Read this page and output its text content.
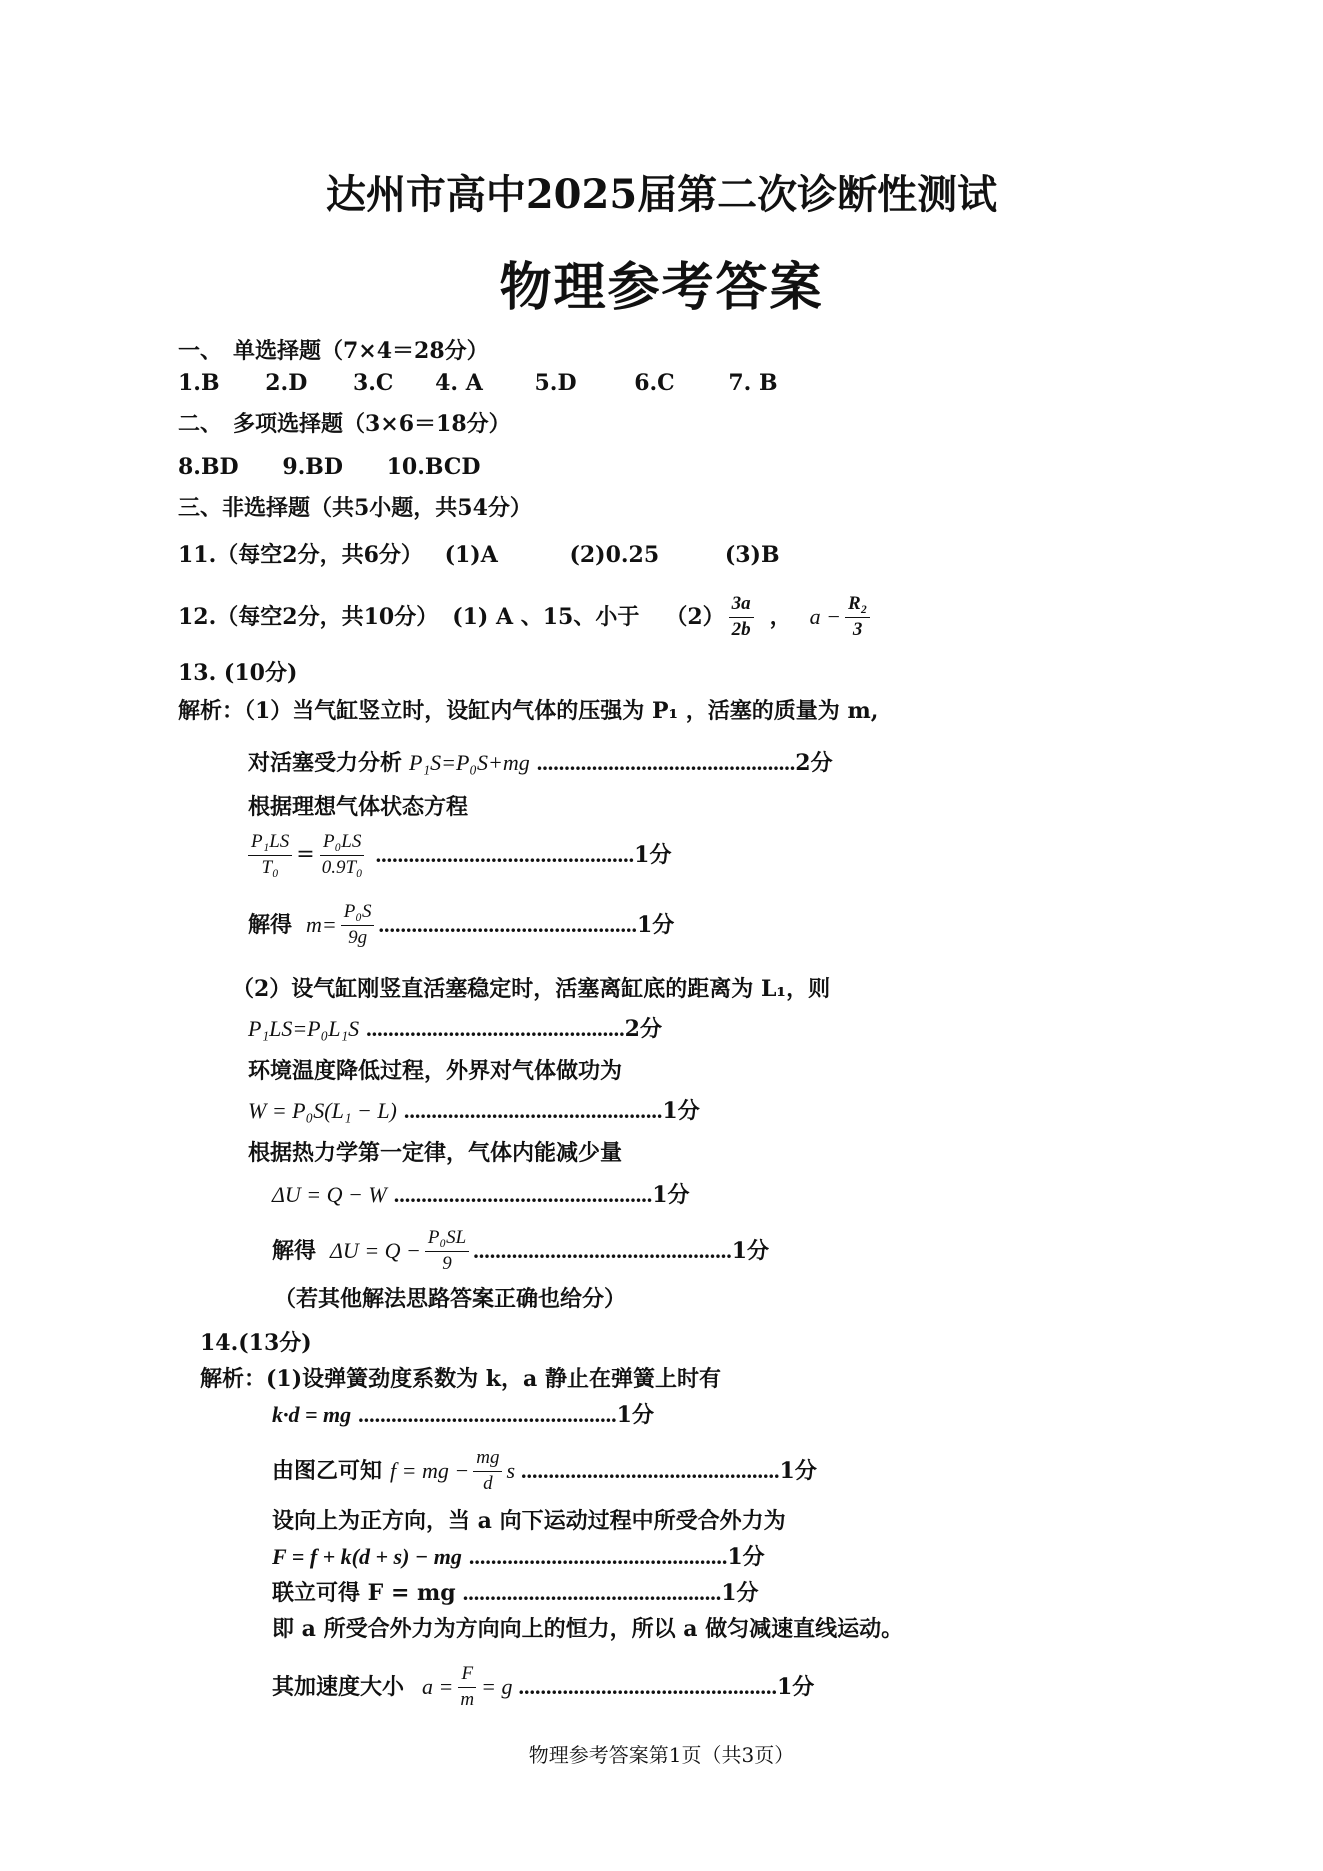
达州市高中2025届第二次诊断性测试
物理参考答案
一、　单选择题（7×4＝28分）
1.B 2.D 3.C 4. A 5.D	6.C 7. B
二、　多项选择题（3×6＝18分）
8.BD 9.BD 10.BCD
三、非选择题（共5小题，共54分）
11.（每空2分，共6分） (1)A	(2)0.25	(3)B
12.（每空2分，共10分） (1) A 、15、小于 $(2) \frac{3a}{2b}$ ， $a - \frac{\text{R₂}}{3}$
13. (10分)
解析：（1）当气缸竖立时，设缸内气体的压强为 P₁ ，活塞的质量为 m,
对活塞受力分析 P₁S=P₀S+mg ...............................................2分
根据理想气体状态方程
$\frac{\text{P₁LS}}{\text{T₀}} = \frac{\text{P₀LS}}{\text{0.9T₀}}$ ............................................... 1分
解得 $m= \frac{\text{P₀S}}{9g}$ ............................................... 1分
（2）设气缸刚竖直活塞稳定时，活塞离缸底的距离为 L₁，则
P₁LS=P₀L₁S ...............................................2分
环境温度降低过程，外界对气体做功为
W = P₀S(L₁ − L) ...............................................1分
根据热力学第一定律，气体内能减少量
ΔU = Q − W ...............................................1分
解得 $\Delta U = Q - \frac{\text{P₀SL}}{9}$ ............................................... 1分
（若其他解法思路答案正确也给分）
14.(13分)
解析：(1)设弹簧劲度系数为 k，a 静止在弹簧上时有
k·d = mg ...............................................1分
由图乙可知 f = mg − $\frac{mg}{d}$ s ............................................... 1分
设向上为正方向，当 a 向下运动过程中所受合外力为
F = f + k(d + s) − mg ...............................................1分
联立可得 F = mg ...............................................1分
即 a 所受合外力为方向向上的恒力，所以 a 做匀减速直线运动。
其加速度大小 $a = \frac{F}{m} = g$ ............................................... 1分
物理参考答案第1页（共3页）
